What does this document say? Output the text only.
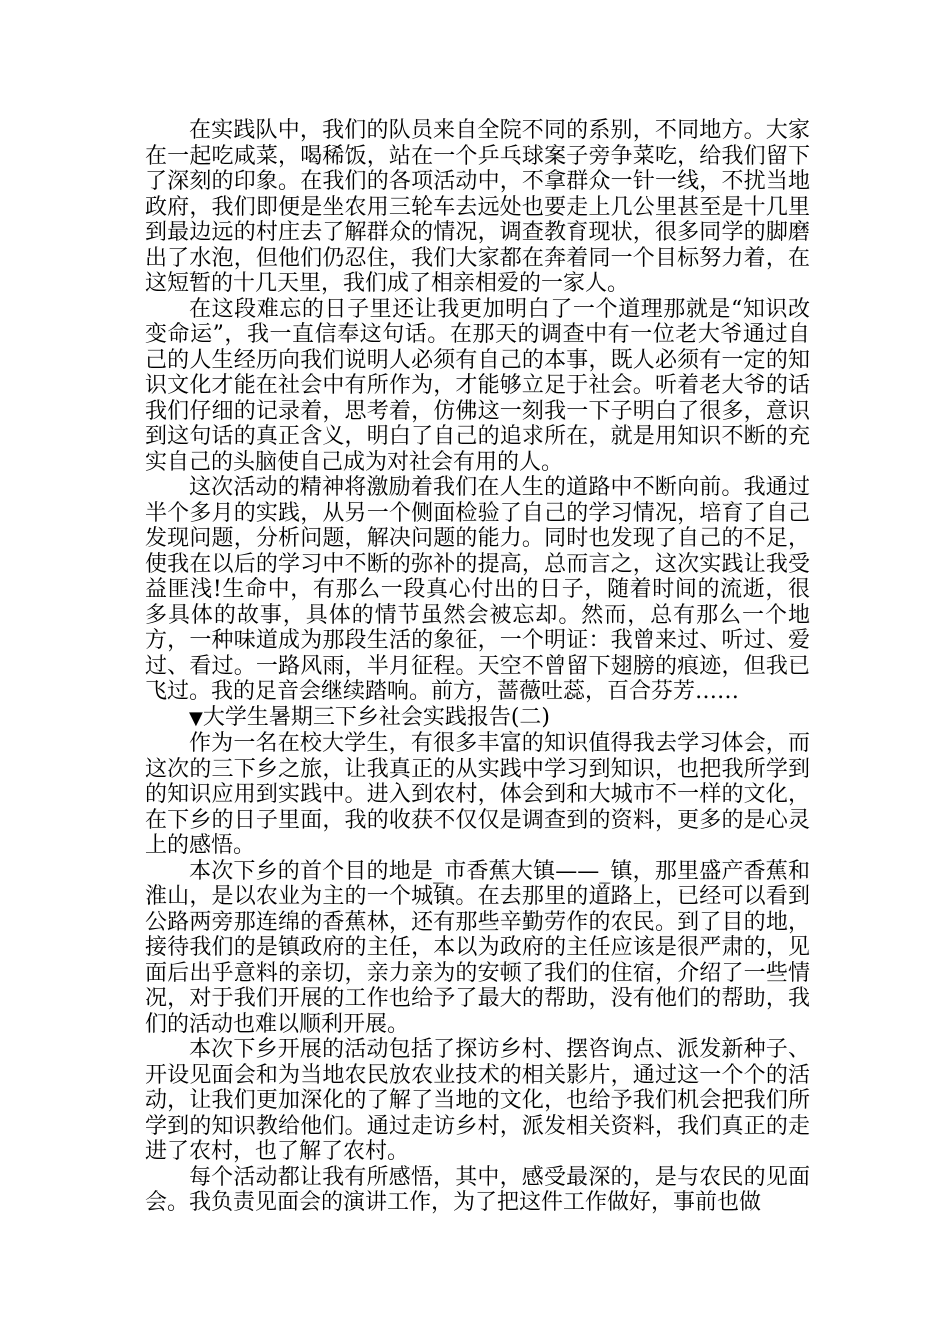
在实践队中，我们的队员来自全院不同的系别，不同地方。大家在一起吃咸菜，喝稀饭，站在一个乒乓球案子旁争菜吃，给我们留下了深刻的印象。在我们的各项活动中，不拿群众一针一线，不扰当地政府，我们即便是坐农用三轮车去远处也要走上几公里甚至是十几里到最边远的村庄去了解群众的情况，调查教育现状，很多同学的脚磨出了水泡，但他们仍忍住，我们大家都在奔着同一个目标努力着，在这短暂的十几天里，我们成了相亲相爱的一家人。

在这段难忘的日子里还让我更加明白了一个道理那就是“知识改变命运”，我一直信奉这句话。在那天的调查中有一位老大爷通过自己的人生经历向我们说明人必须有自己的本事，既人必须有一定的知识文化才能在社会中有所作为，才能够立足于社会。听着老大爷的话我们仔细的记录着，思考着，仿佛这一刻我一下子明白了很多，意识到这句话的真正含义，明白了自己的追求所在，就是用知识不断的充实自己的头脑使自己成为对社会有用的人。

这次活动的精神将激励着我们在人生的道路中不断向前。我通过半个多月的实践，从另一个侧面检验了自己的学习情况，培育了自己发现问题，分析问题，解决问题的能力。同时也发现了自己的不足，使我在以后的学习中不断的弥补的提高，总而言之，这次实践让我受益匪浅!生命中，有那么一段真心付出的日子，随着时间的流逝，很多具体的故事，具体的情节虽然会被忘却。然而，总有那么一个地方，一种味道成为那段生活的象征，一个明证：我曾来过、听过、爱过、看过。一路风雨，半月征程。天空不曾留下翅膀的痕迹，但我已飞过。我的足音会继续踏响。前方，蔷薇吐蕊，百合芬芳……

▼大学生暑期三下乡社会实践报告(二)

作为一名在校大学生，有很多丰富的知识值得我去学习体会，而这次的三下乡之旅，让我真正的从实践中学习到知识，也把我所学到的知识应用到实践中。进入到农村，体会到和大城市不一样的文化，在下乡的日子里面，我的收获不仅仅是调查到的资料，更多的是心灵上的感悟。

本次下乡的首个目的地是_市香蕉大镇——_镇，那里盛产香蕉和淮山，是以农业为主的一个城镇。在去那里的道路上，已经可以看到公路两旁那连绵的香蕉林，还有那些辛勤劳作的农民。到了目的地，接待我们的是镇政府的主任，本以为政府的主任应该是很严肃的，见面后出乎意料的亲切，亲力亲为的安顿了我们的住宿，介绍了一些情况，对于我们开展的工作也给予了最大的帮助，没有他们的帮助，我们的活动也难以顺利开展。

本次下乡开展的活动包括了探访乡村、摆咨询点、派发新种子、开设见面会和为当地农民放农业技术的相关影片，通过这一个个的活动，让我们更加深化的了解了当地的文化，也给予我们机会把我们所学到的知识教给他们。通过走访乡村，派发相关资料，我们真正的走进了农村，也了解了农村。

每个活动都让我有所感悟，其中，感受最深的，是与农民的见面会。我负责见面会的演讲工作，为了把这件工作做好，事前也做
